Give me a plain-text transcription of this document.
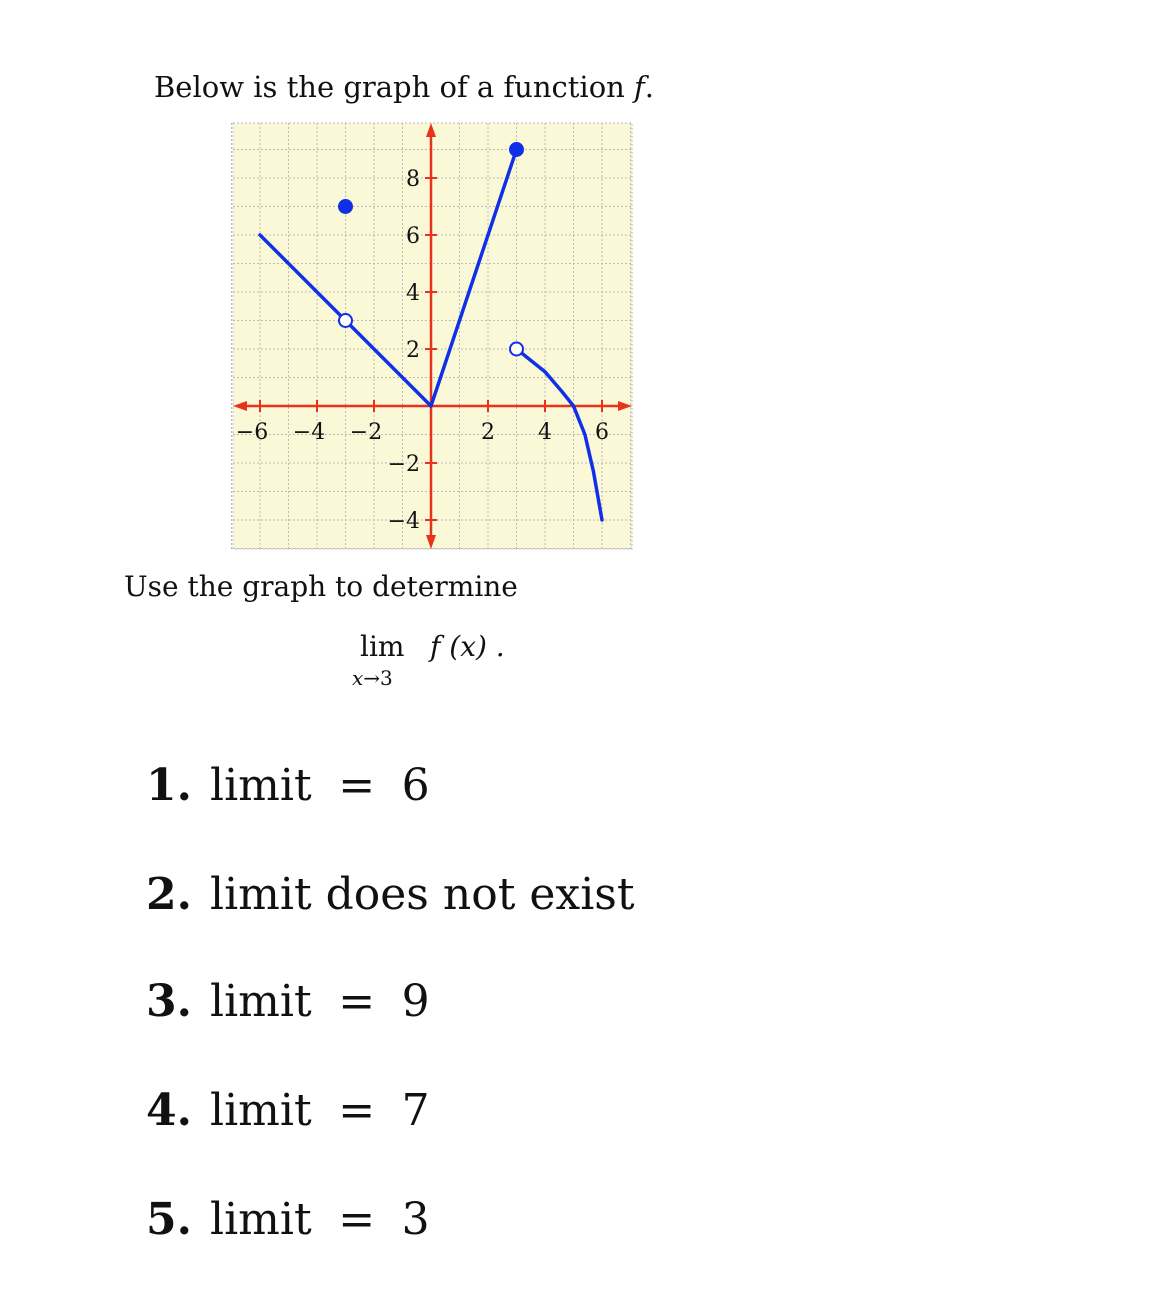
Below is the graph of a function f.
−6 −4 −2	2 4 6
8
6
4
2
−2
−4
Use the graph to determine
lim
x→3
f (x) .
1. limit = 6
2. limit does not exist
3. limit = 9
4. limit = 7
5. limit = 3
